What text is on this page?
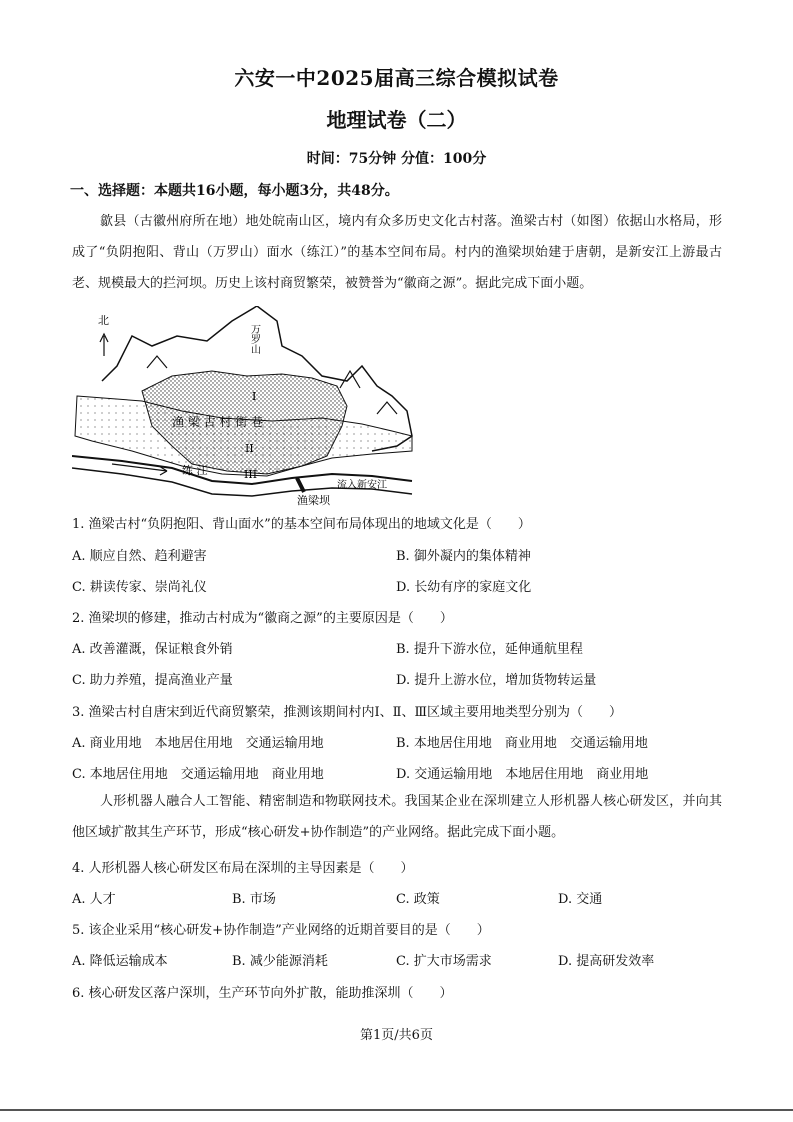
六安一中2025届高三综合模拟试卷
地理试卷（二）
时间：75分钟 分值：100分
一、选择题：本题共16小题，每小题3分，共48分。
歙县（古徽州府所在地）地处皖南山区，境内有众多历史文化古村落。渔梁古村（如图）依据山水格局，形成了“负阴抱阳、背山（万罗山）面水（练江）”的基本空间布局。村内的渔梁坝始建于唐朝，是新安江上游最古老、规模最大的拦河坝。历史上该村商贸繁荣，被赞誉为“徽商之源”。据此完成下面小题。
北
万罗山
I
渔 梁 古 村 街 巷
II
III
练 江
渔梁坝
流入新安江
1. 渔梁古村“负阴抱阳、背山面水”的基本空间布局体现出的地域文化是（　　）
A. 顺应自然、趋利避害	B. 御外凝内的集体精神
C. 耕读传家、崇尚礼仪	D. 长幼有序的家庭文化
2. 渔梁坝的修建，推动古村成为“徽商之源”的主要原因是（　　）
A. 改善灌溉，保证粮食外销	B. 提升下游水位，延伸通航里程
C. 助力养殖，提高渔业产量	D. 提升上游水位，增加货物转运量
3. 渔梁古村自唐宋到近代商贸繁荣，推测该期间村内Ⅰ、Ⅱ、Ⅲ区域主要用地类型分别为（　　）
A. 商业用地　本地居住用地　交通运输用地	B. 本地居住用地　商业用地　交通运输用地
C. 本地居住用地　交通运输用地　商业用地	D. 交通运输用地　本地居住用地　商业用地
人形机器人融合人工智能、精密制造和物联网技术。我国某企业在深圳建立人形机器人核心研发区，并向其他区域扩散其生产环节，形成“核心研发+协作制造”的产业网络。据此完成下面小题。
4. 人形机器人核心研发区布局在深圳的主导因素是（　　）
A. 人才	B. 市场	C. 政策	D. 交通
5. 该企业采用“核心研发+协作制造”产业网络的近期首要目的是（　　）
A. 降低运输成本	B. 减少能源消耗	C. 扩大市场需求	D. 提高研发效率
6. 核心研发区落户深圳，生产环节向外扩散，能助推深圳（　　）
第1页/共6页
